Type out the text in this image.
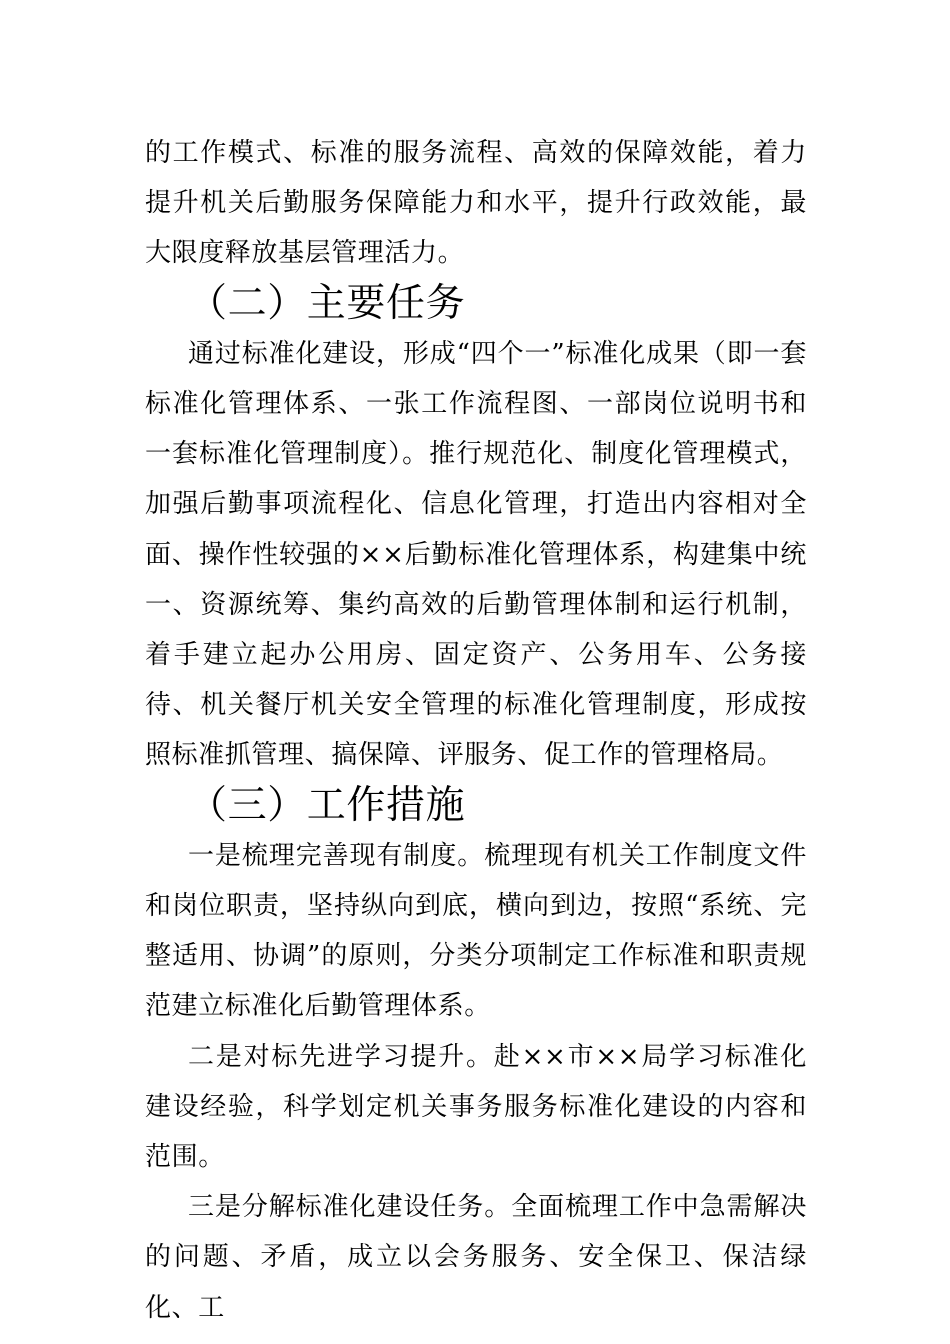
的工作模式、标准的服务流程、高效的保障效能，着力提升机关后勤服务保障能力和水平，提升行政效能，最大限度释放基层管理活力。

（二）主要任务

通过标准化建设，形成“四个一”标准化成果（即一套标准化管理体系、一张工作流程图、一部岗位说明书和一套标准化管理制度）。推行规范化、制度化管理模式，加强后勤事项流程化、信息化管理，打造出内容相对全面、操作性较强的××后勤标准化管理体系，构建集中统一、资源统筹、集约高效的后勤管理体制和运行机制，着手建立起办公用房、固定资产、公务用车、公务接待、机关餐厅机关安全管理的标准化管理制度，形成按照标准抓管理、搞保障、评服务、促工作的管理格局。

（三）工作措施

一是梳理完善现有制度。梳理现有机关工作制度文件和岗位职责，坚持纵向到底，横向到边，按照“系统、完整适用、协调”的原则，分类分项制定工作标准和职责规范建立标准化后勤管理体系。

二是对标先进学习提升。赴××市××局学习标准化建设经验，科学划定机关事务服务标准化建设的内容和范围。

三是分解标准化建设任务。全面梳理工作中急需解决的问题、矛盾，成立以会务服务、安全保卫、保洁绿化、工
